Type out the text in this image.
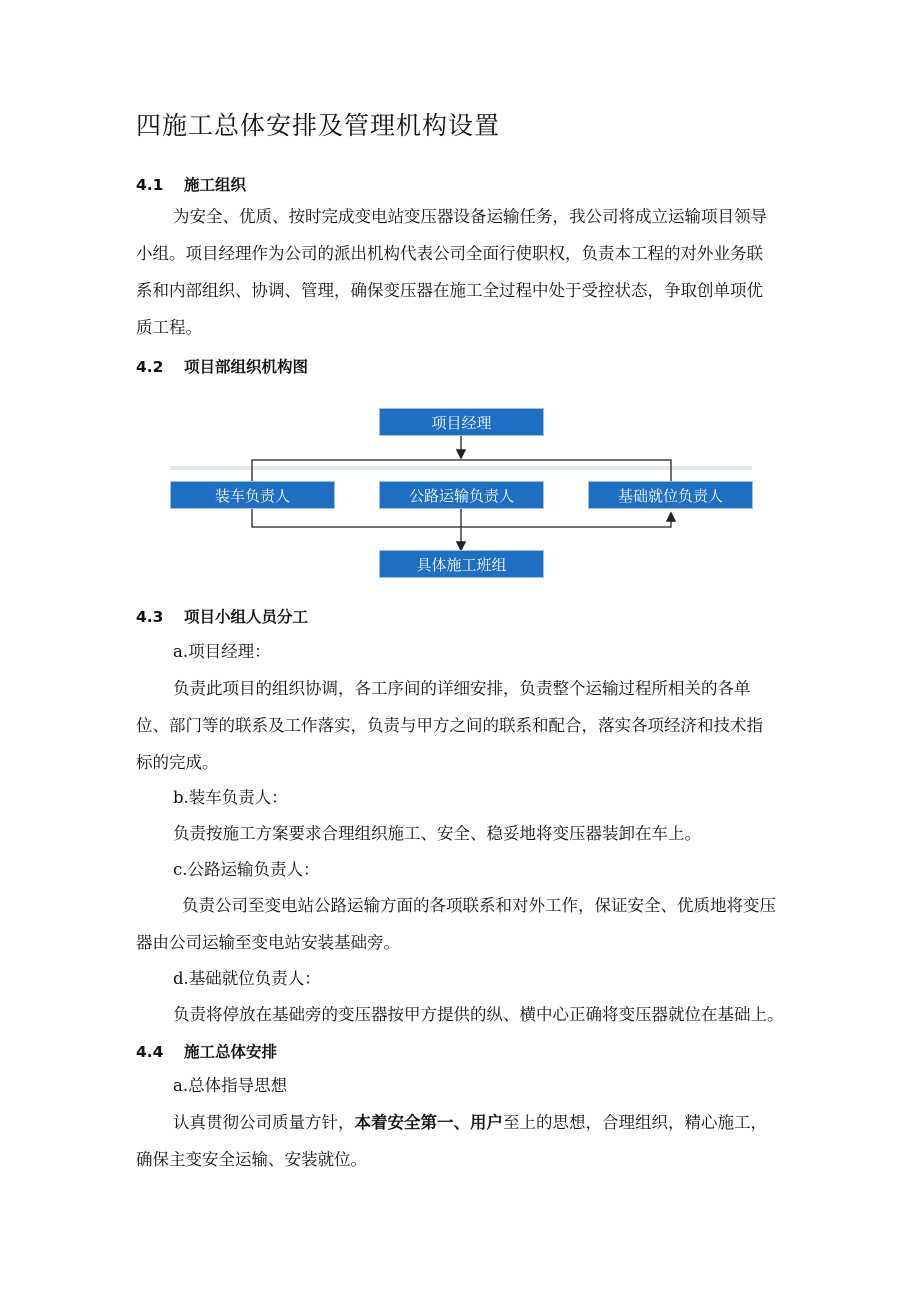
四施工总体安排及管理机构设置
4.1 施工组织
为安全、优质、按时完成变电站变压器设备运输任务，我公司将成立运输项目领导小组。项目经理作为公司的派出机构代表公司全面行使职权，负责本工程的对外业务联系和内部组织、协调、管理，确保变压器在施工全过程中处于受控状态，争取创单项优质工程。
4.2 项目部组织机构图
项目经理
装车负责人	公路运输负责人	基础就位负责人
具体施工班组
4.3 项目小组人员分工
a.项目经理：
负责此项目的组织协调，各工序间的详细安排，负责整个运输过程所相关的各单位、部门等的联系及工作落实，负责与甲方之间的联系和配合，落实各项经济和技术指标的完成。
b.装车负责人：
负责按施工方案要求合理组织施工、安全、稳妥地将变压器装卸在车上。
c.公路运输负责人：
负责公司至变电站公路运输方面的各项联系和对外工作，保证安全、优质地将变压器由公司运输至变电站安装基础旁。
d.基础就位负责人：
负责将停放在基础旁的变压器按甲方提供的纵、横中心正确将变压器就位在基础上。
4.4 施工总体安排
a.总体指导思想
认真贯彻公司质量方针，本着安全第一、用户至上的思想，合理组织，精心施工，确保主变安全运输、安装就位。
